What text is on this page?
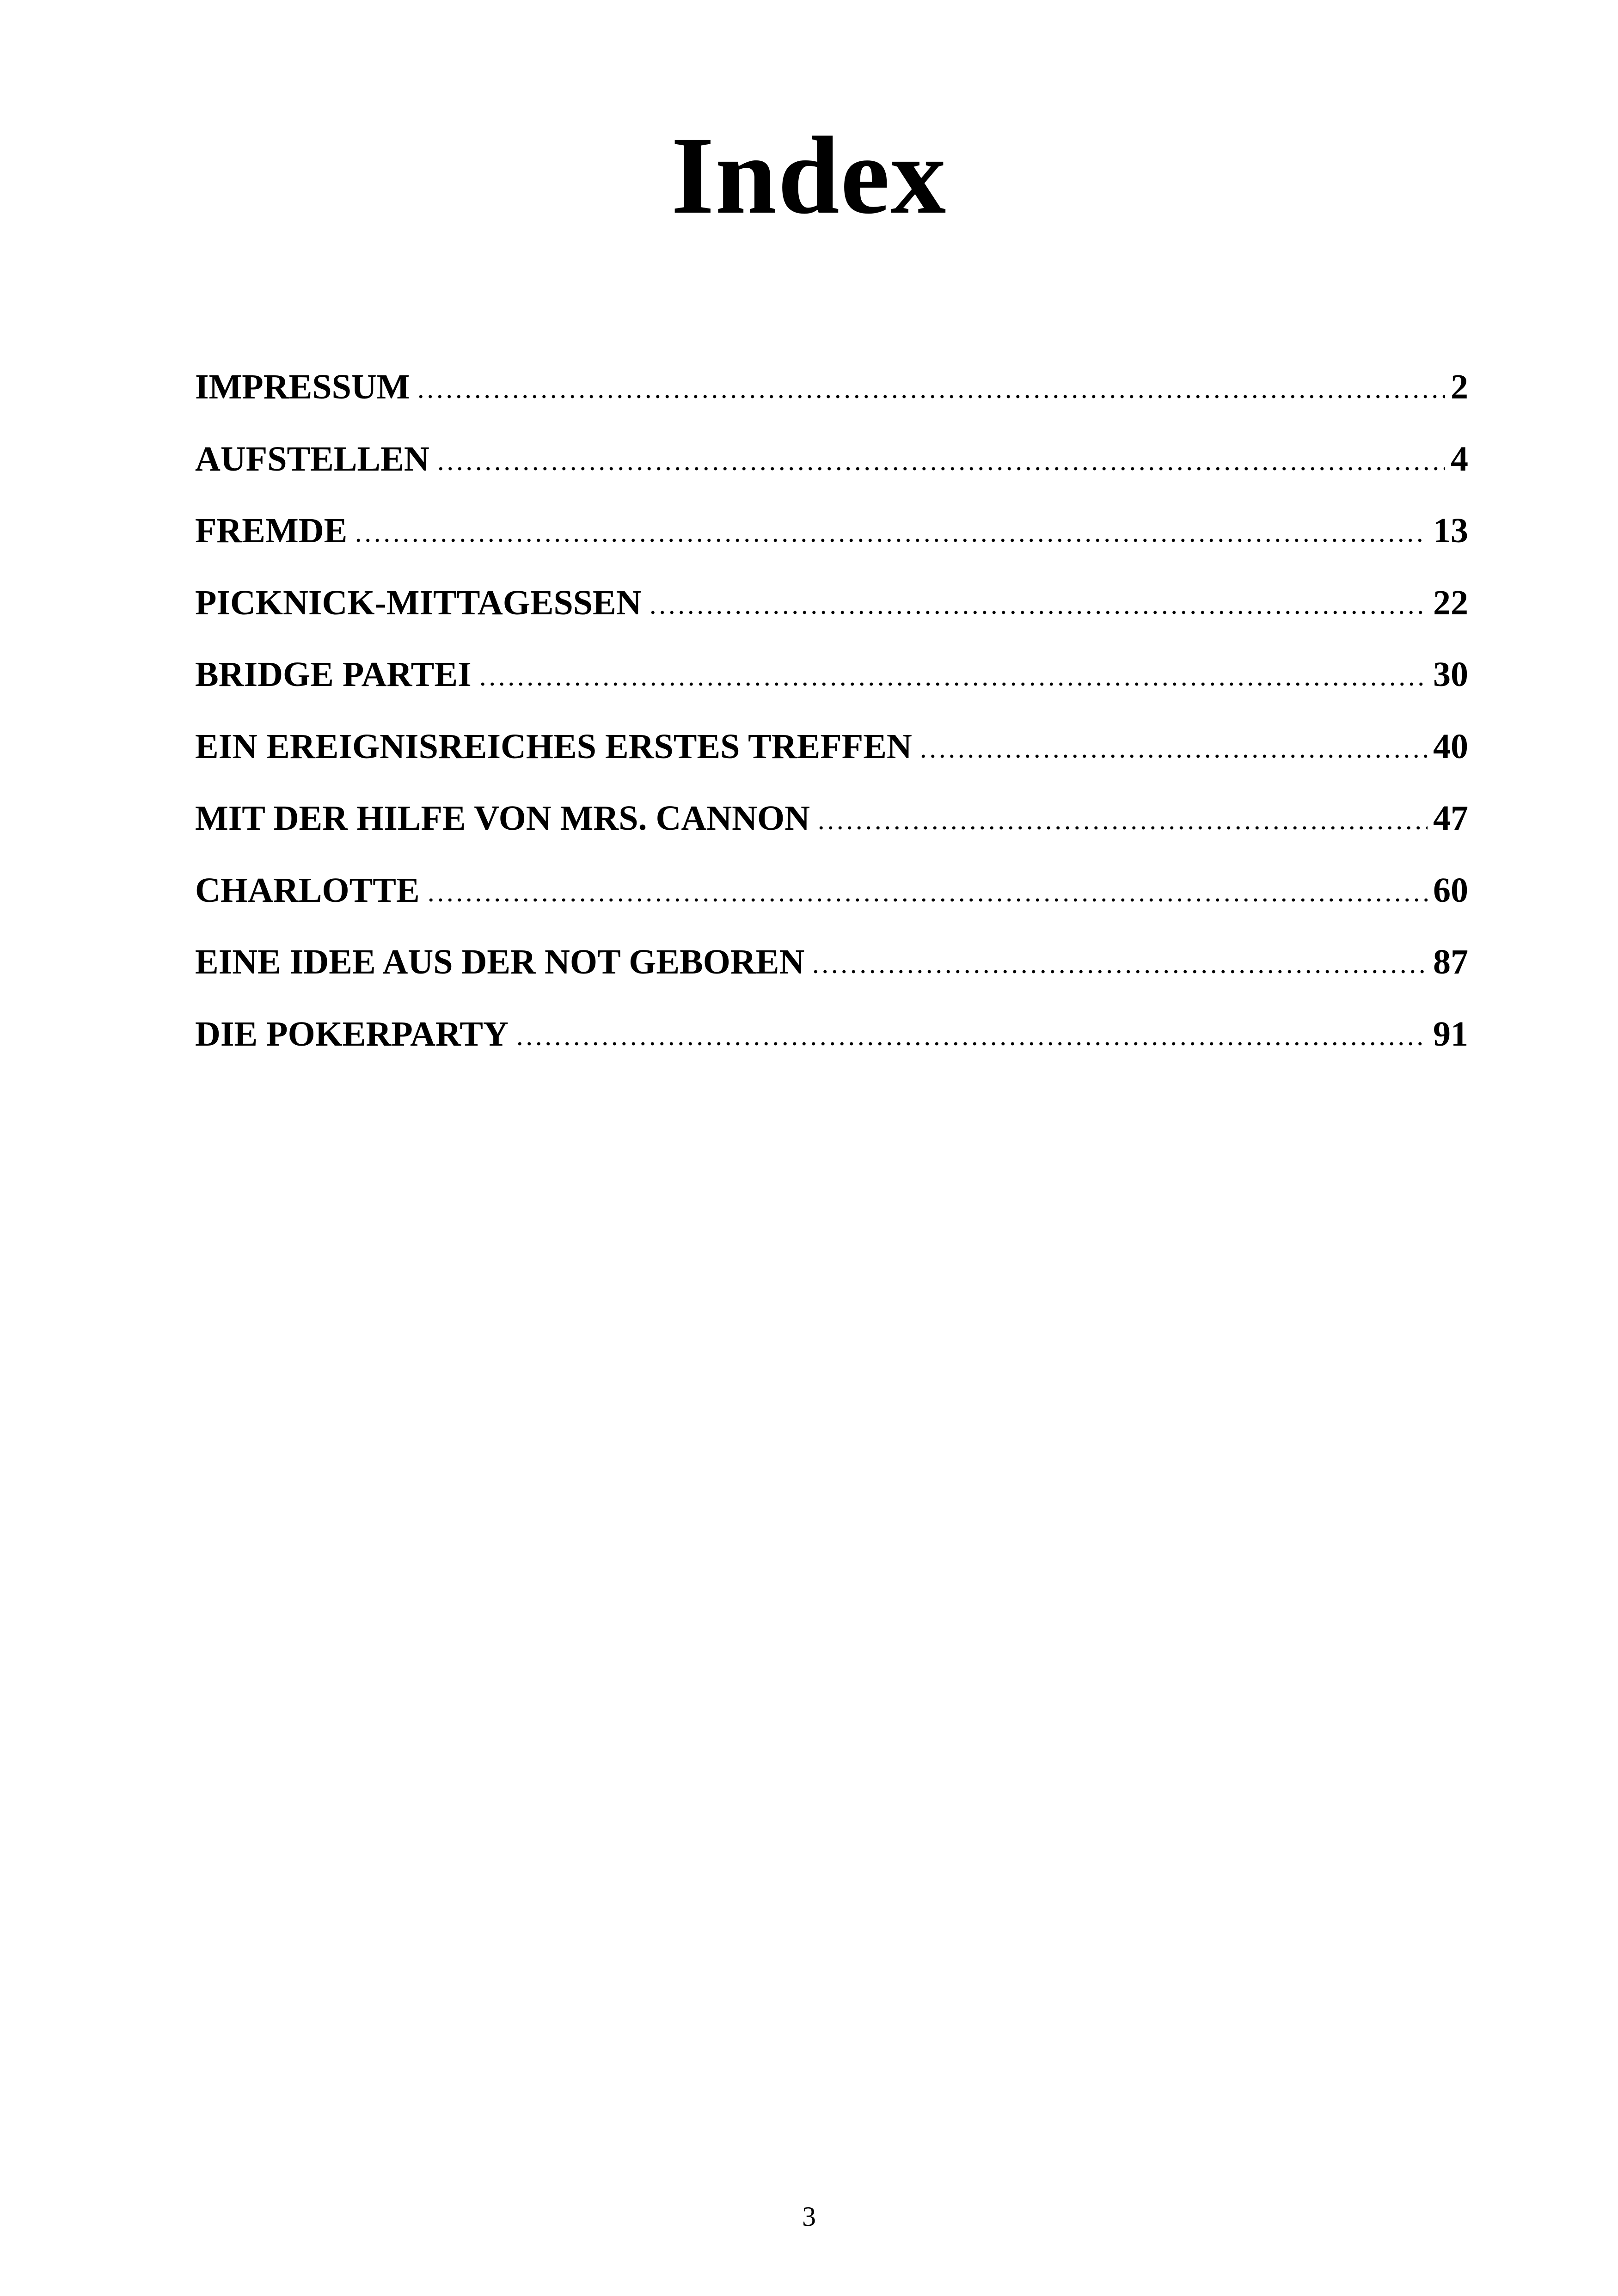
Index
IMPRESSUM	2
AUFSTELLEN	4
FREMDE	13
PICKNICK-MITTAGESSEN	22
BRIDGE PARTEI	30
EIN EREIGNISREICHES ERSTES TREFFEN	40
MIT DER HILFE VON MRS. CANNON	47
CHARLOTTE	60
EINE IDEE AUS DER NOT GEBOREN	87
DIE POKERPARTY	91
3
